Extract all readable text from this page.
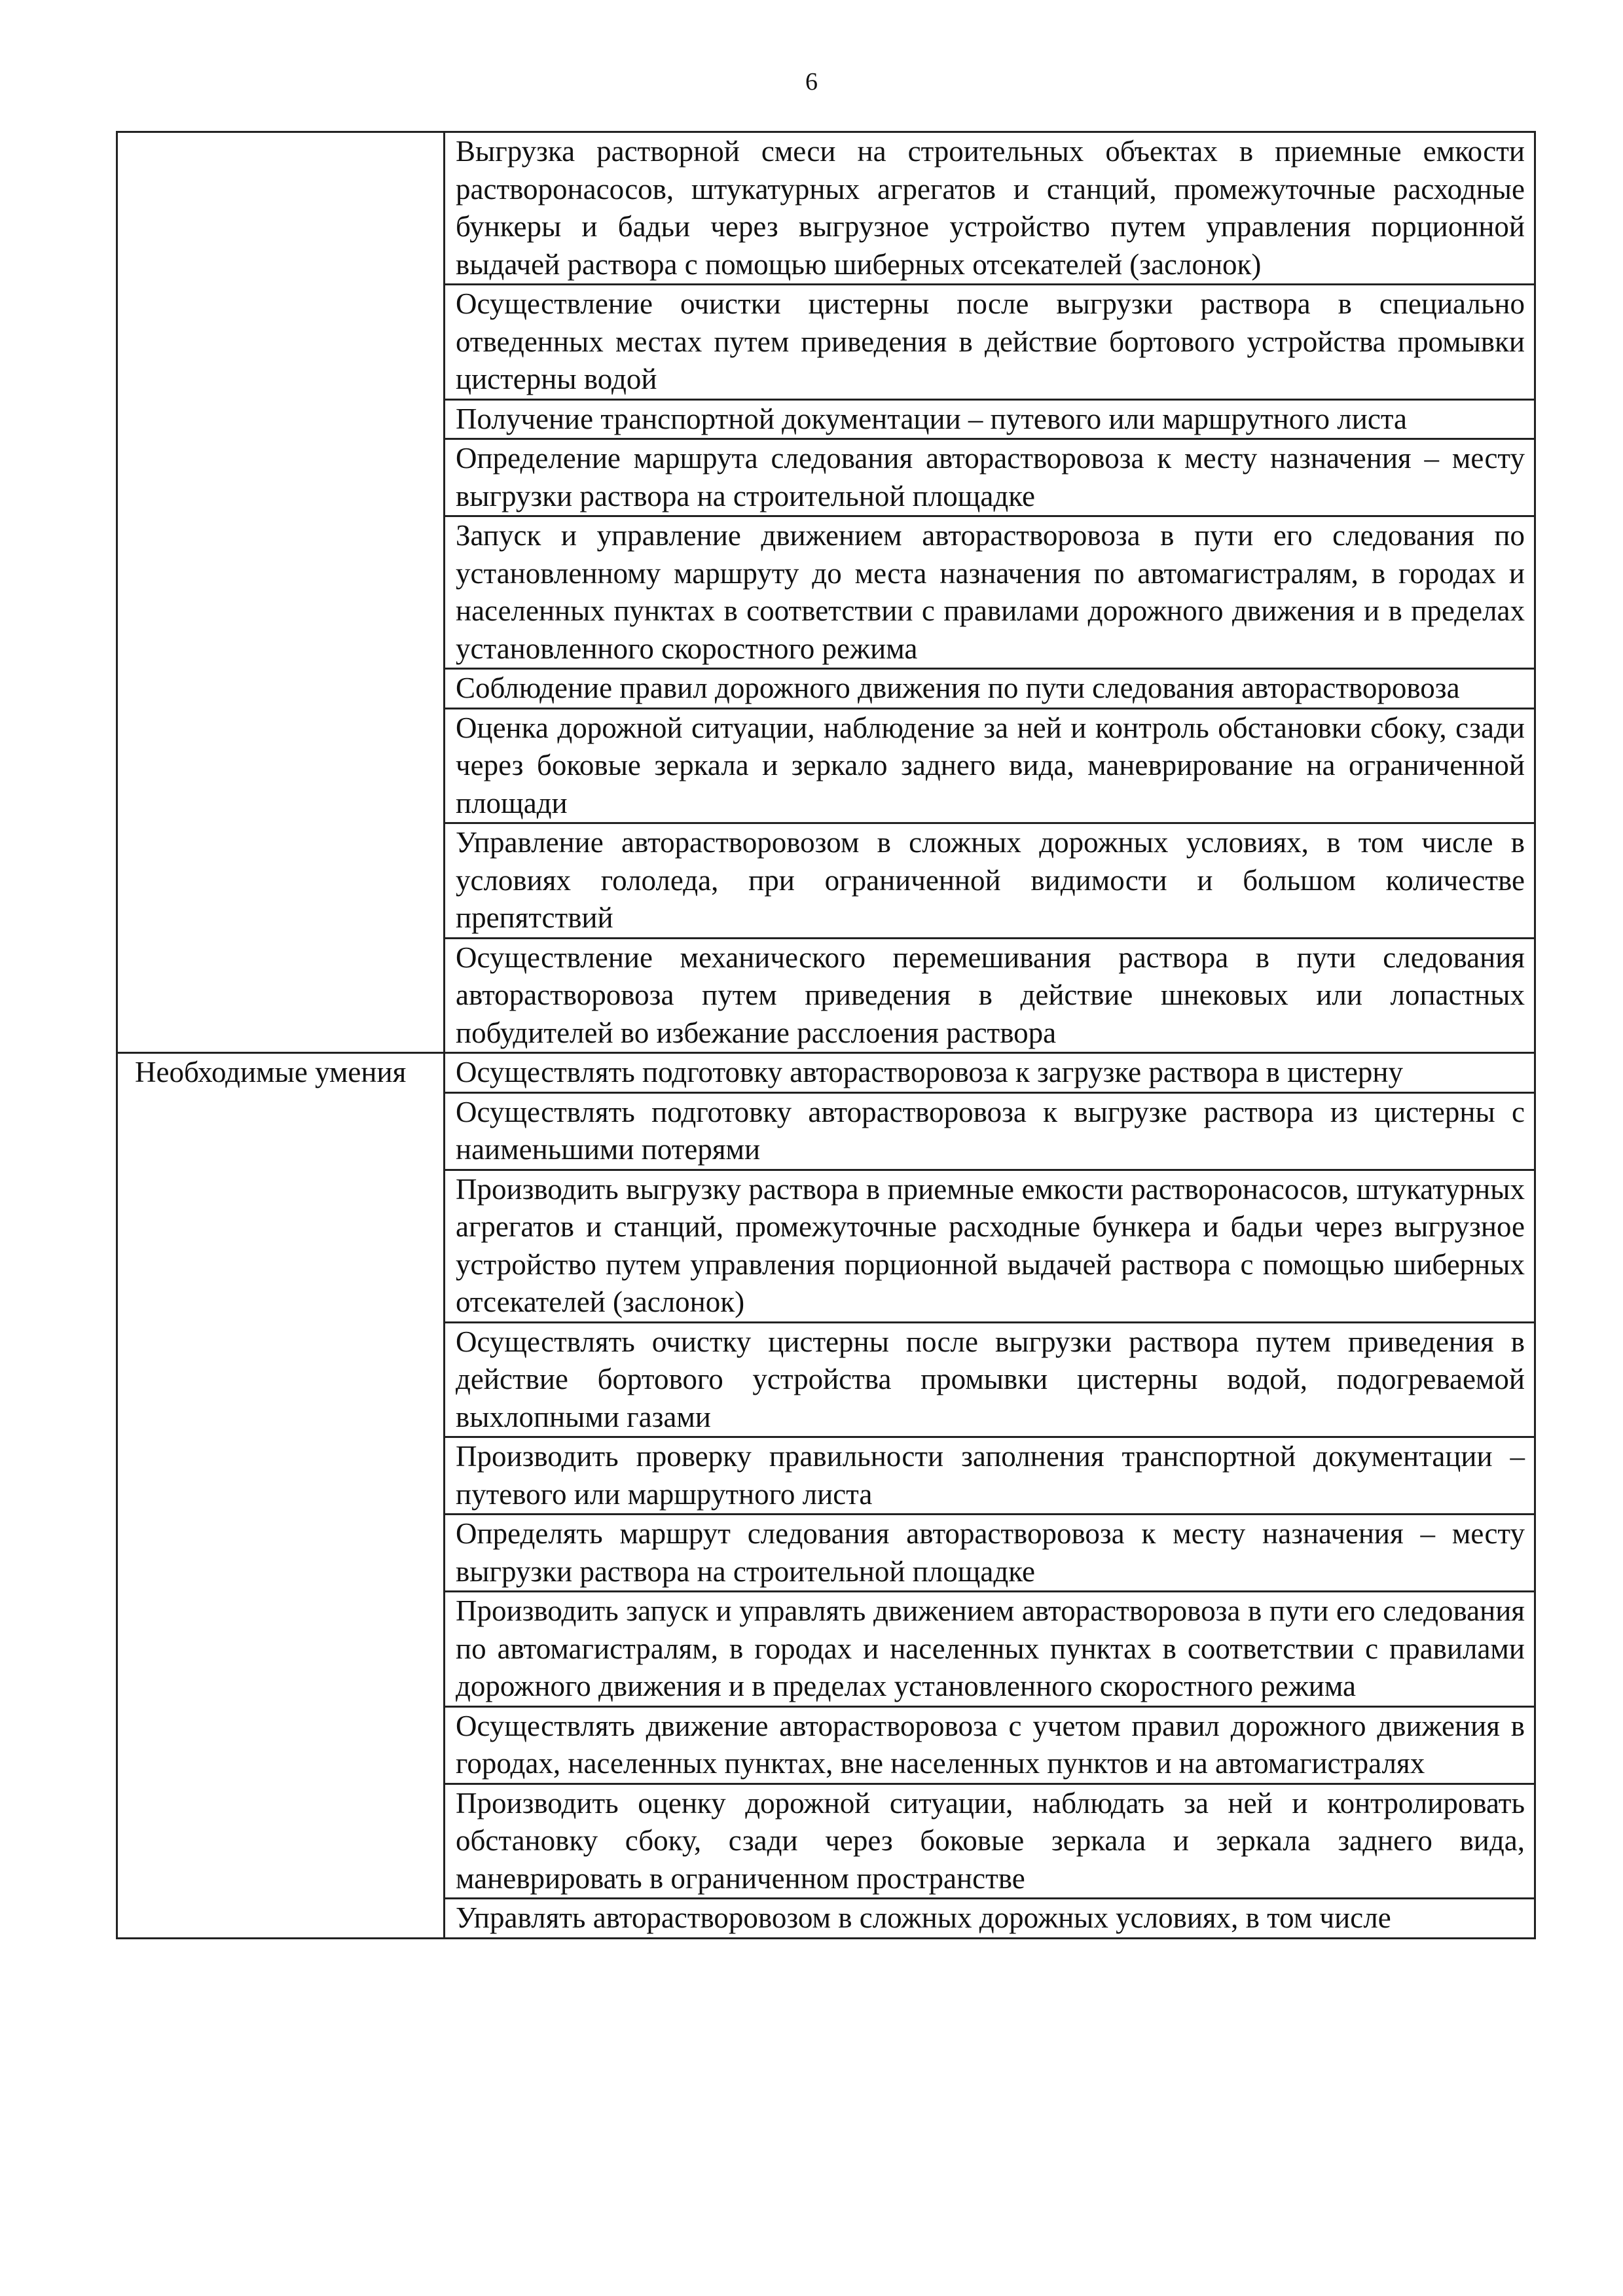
6
	Выгрузка растворной смеси на строительных объектах в приемные емкости растворонасосов, штукатурных агрегатов и станций, промежуточные расходные бункеры и бадьи через выгрузное устройство путем управления порционной выдачей раствора с помощью шиберных отсекателей (заслонок)
	Осуществление очистки цистерны после выгрузки раствора в специально отведенных местах путем приведения в действие бортового устройства промывки цистерны водой
	Получение транспортной документации – путевого или маршрутного листа
	Определение маршрута следования авторастворовоза к месту назначения – месту выгрузки раствора на строительной площадке
	Запуск и управление движением авторастворовоза в пути его следования по установленному маршруту до места назначения по автомагистралям, в городах и населенных пунктах в соответствии с правилами дорожного движения и в пределах установленного скоростного режима
	Соблюдение правил дорожного движения по пути следования авторастворовоза
	Оценка дорожной ситуации, наблюдение за ней и контроль обстановки сбоку, сзади через боковые зеркала и зеркало заднего вида, маневрирование на ограниченной площади
	Управление авторастворовозом в сложных дорожных условиях, в том числе в условиях гололеда, при ограниченной видимости и большом количестве препятствий
	Осуществление механического перемешивания раствора в пути следования авторастворовоза путем приведения в действие шнековых или лопастных побудителей во избежание расслоения раствора
Необходимые умения	Осуществлять подготовку авторастворовоза к загрузке раствора в цистерну
	Осуществлять подготовку авторастворовоза к выгрузке раствора из цистерны с наименьшими потерями
	Производить выгрузку раствора в приемные емкости растворонасосов, штукатурных агрегатов и станций, промежуточные расходные бункера и бадьи через выгрузное устройство путем управления порционной выдачей раствора с помощью шиберных отсекателей (заслонок)
	Осуществлять очистку цистерны после выгрузки раствора путем приведения в действие бортового устройства промывки цистерны водой, подогреваемой выхлопными газами
	Производить проверку правильности заполнения транспортной документации – путевого или маршрутного листа
	Определять маршрут следования авторастворовоза к месту назначения – месту выгрузки раствора на строительной площадке
	Производить запуск и управлять движением авторастворовоза в пути его следования по автомагистралям, в городах и населенных пунктах в соответствии с правилами дорожного движения и в пределах установленного скоростного режима
	Осуществлять движение авторастворовоза с учетом правил дорожного движения в городах, населенных пунктах, вне населенных пунктов и на автомагистралях
	Производить оценку дорожной ситуации, наблюдать за ней и контролировать обстановку сбоку, сзади через боковые зеркала и зеркала заднего вида, маневрировать в ограниченном пространстве
	Управлять авторастворовозом в сложных дорожных условиях, в том числе
